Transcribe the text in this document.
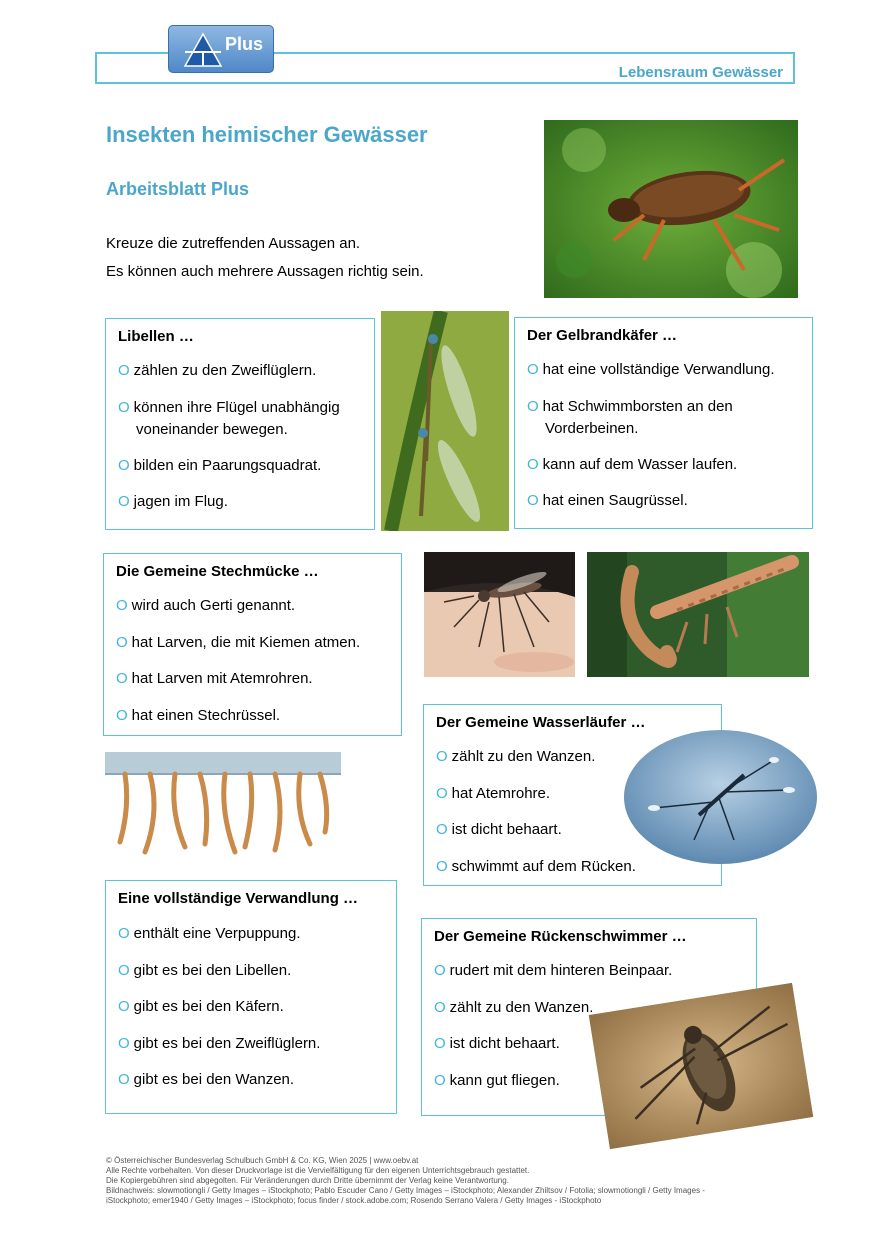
Lebensraum Gewässer
Plus
Insekten heimischer Gewässer
Arbeitsblatt Plus
Kreuze die zutreffenden Aussagen an.
Es können auch mehrere Aussagen richtig sein.
Libellen …
O zählen zu den Zweiflüglern.
O können ihre Flügel unabhängig
voneinander bewegen.
O bilden ein Paarungsquadrat.
O jagen im Flug.
Der Gelbrandkäfer …
O hat eine vollständige Verwandlung.
O hat Schwimmborsten an den
Vorderbeinen.
O kann auf dem Wasser laufen.
O hat einen Saugrüssel.
Die Gemeine Stechmücke …
O wird auch Gerti genannt.
O hat Larven, die mit Kiemen atmen.
O hat Larven mit Atemrohren.
O hat einen Stechrüssel.	Der Gemeine Wasserläufer …
O zählt zu den Wanzen.
O hat Atemrohre.
O ist dicht behaart.
O schwimmt auf dem Rücken.
Eine vollständige Verwandlung …
O enthält eine Verpuppung.
O gibt es bei den Libellen.
O gibt es bei den Käfern.
O gibt es bei den Zweiflüglern.
O gibt es bei den Wanzen.
Der Gemeine Rückenschwimmer …
O rudert mit dem hinteren Beinpaar.
O zählt zu den Wanzen.
O ist dicht behaart.
O kann gut fliegen.
© Österreichischer Bundesverlag Schulbuch GmbH & Co. KG, Wien 2025 | www.oebv.at
Alle Rechte vorbehalten. Von dieser Druckvorlage ist die Vervielfältigung für den eigenen Unterrichtsgebrauch gestattet.
Die Kopiergebühren sind abgegolten. Für Veränderungen durch Dritte übernimmt der Verlag keine Verantwortung.
Bildnachweis: slowmotiongli / Getty Images – iStockphoto; Pablo Escuder Cano / Getty Images – iStockphoto; Alexander Zhiltsov / Fotolia; slowmotiongli / Getty Images -
iStockphoto; emer1940 / Getty Images – iStockphoto; focus finder / stock.adobe.com; Rosendo Serrano Valera / Getty Images - iStockphoto
